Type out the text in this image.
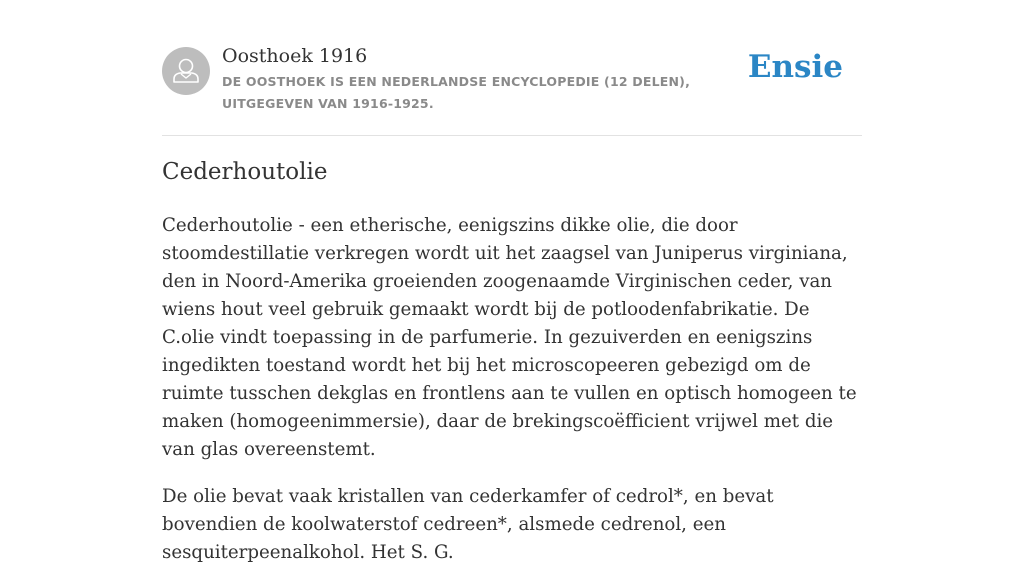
Oosthoek 1916
DE OOSTHOEK IS EEN NEDERLANDSE ENCYCLOPEDIE (12 DELEN), UITGEGEVEN VAN 1916-1925.
Ensie
Cederhoutolie

Cederhoutolie - een etherische, eenigszins dikke olie, die door stoomdestillatie verkregen wordt uit het zaagsel van Juniperus virginiana, den in Noord-Amerika groeienden zoogenaamde Virginischen ceder, van wiens hout veel gebruik gemaakt wordt bij de potloodenfabrikatie. De C.olie vindt toepassing in de parfumerie. In gezuiverden en eenigszins ingedikten toestand wordt het bij het microscopeeren gebezigd om de ruimte tusschen dekglas en frontlens aan te vullen en optisch homogeen te maken (homogeenimmersie), daar de brekingscoëfficient vrijwel met die van glas overeenstemt.

De olie bevat vaak kristallen van cederkamfer of cedrol*, en bevat bovendien de koolwaterstof cedreen*, alsmede cedrenol, een sesquiterpeenalkohol. Het S. G.
